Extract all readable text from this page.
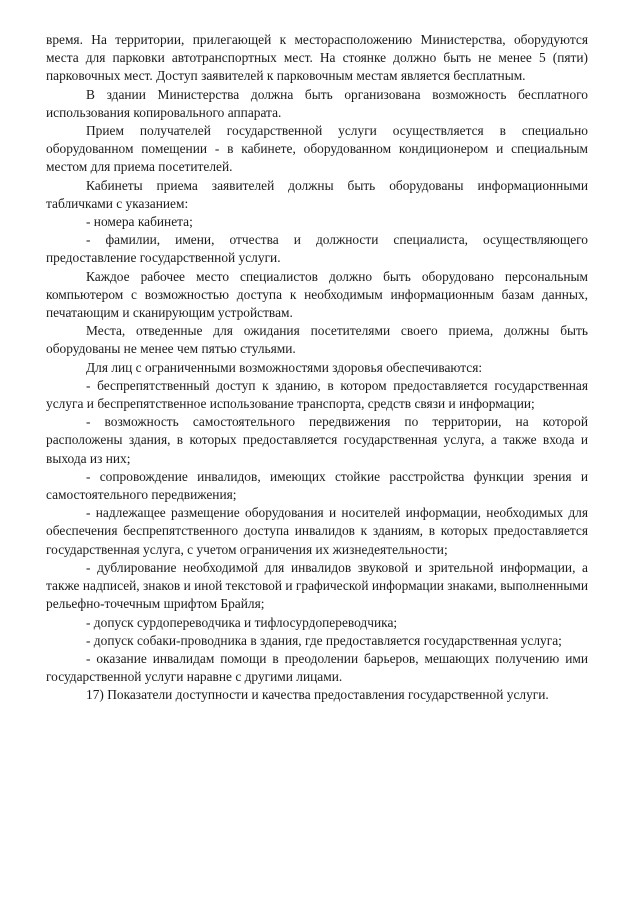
время. На территории, прилегающей к месторасположению Министерства, оборудуются места для парковки автотранспортных мест. На стоянке должно быть не менее 5 (пяти) парковочных мест. Доступ заявителей к парковочным местам является бесплатным.

В здании Министерства должна быть организована возможность бесплатного использования копировального аппарата.

Прием получателей государственной услуги осуществляется в специально оборудованном помещении - в кабинете, оборудованном кондиционером и специальным местом для приема посетителей.

Кабинеты приема заявителей должны быть оборудованы информационными табличками с указанием:

- номера кабинета;

- фамилии, имени, отчества и должности специалиста, осуществляющего предоставление государственной услуги.

Каждое рабочее место специалистов должно быть оборудовано персональным компьютером с возможностью доступа к необходимым информационным базам данных, печатающим и сканирующим устройствам.

Места, отведенные для ожидания посетителями своего приема, должны быть оборудованы не менее чем пятью стульями.

Для лиц с ограниченными возможностями здоровья обеспечиваются:

- беспрепятственный доступ к зданию, в котором предоставляется государственная услуга и беспрепятственное использование транспорта, средств связи и информации;

- возможность самостоятельного передвижения по территории, на которой расположены здания, в которых предоставляется государственная услуга, а также входа и выхода из них;

- сопровождение инвалидов, имеющих стойкие расстройства функции зрения и самостоятельного передвижения;

- надлежащее размещение оборудования и носителей информации, необходимых для обеспечения беспрепятственного доступа инвалидов к зданиям, в которых предоставляется государственная услуга, с учетом ограничения их жизнедеятельности;

- дублирование необходимой для инвалидов звуковой и зрительной информации, а также надписей, знаков и иной текстовой и графической информации знаками, выполненными рельефно-точечным шрифтом Брайля;

- допуск сурдопереводчика и тифлосурдопереводчика;

- допуск собаки-проводника в здания, где предоставляется государственная услуга;

- оказание инвалидам помощи в преодолении барьеров, мешающих получению ими государственной услуги наравне с другими лицами.

17) Показатели доступности и качества предоставления государственной услуги.
